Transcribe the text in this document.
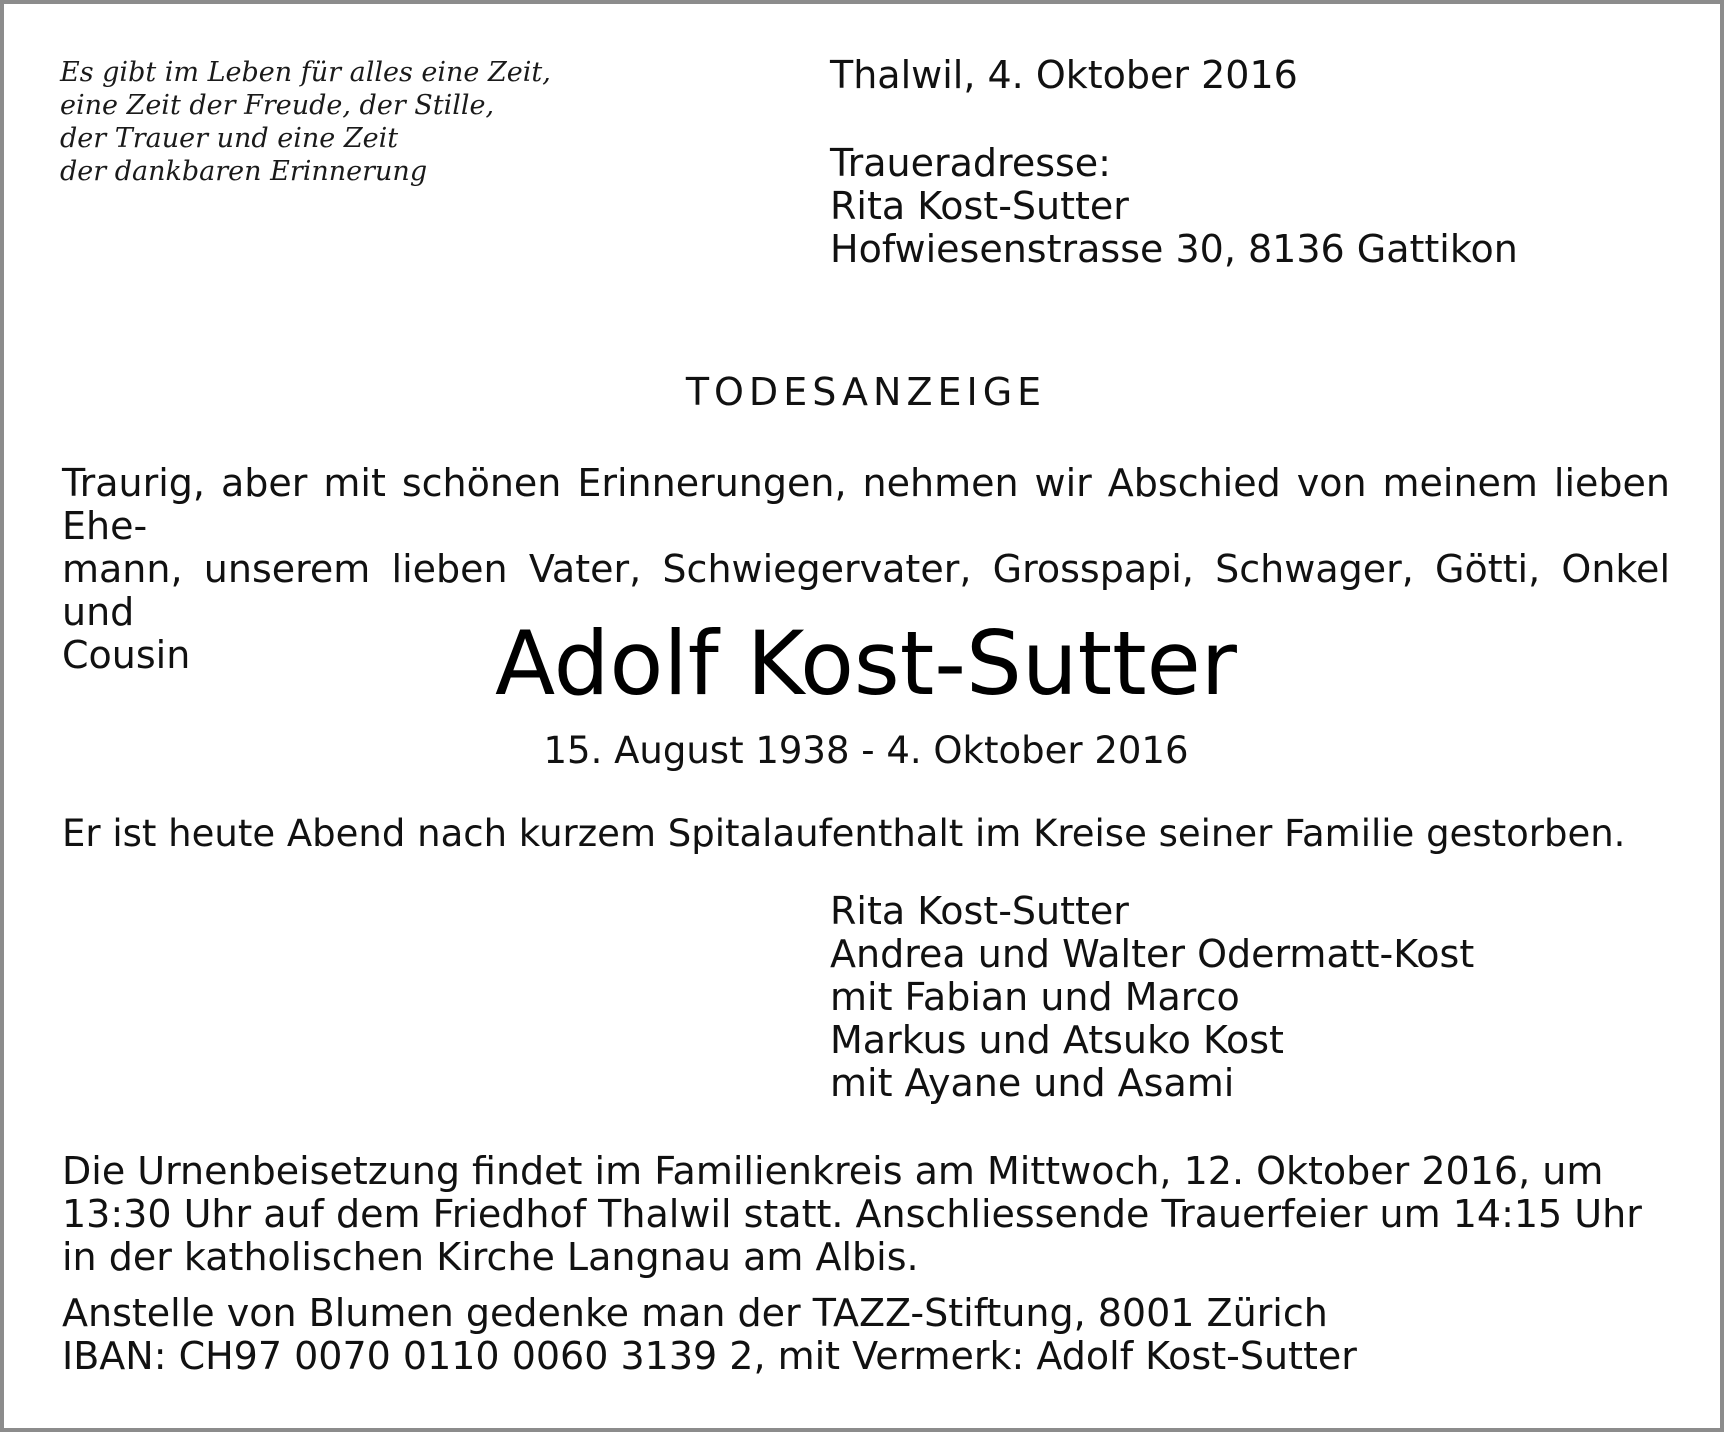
Es gibt im Leben für alles eine Zeit,
eine Zeit der Freude, der Stille,
der Trauer und eine Zeit
der dankbaren Erinnerung
Thalwil, 4. Oktober 2016
Traueradresse:
Rita Kost-Sutter
Hofwiesenstrasse 30, 8136 Gattikon
TODESANZEIGE
Traurig, aber mit schönen Erinnerungen, nehmen wir Abschied von meinem lieben Ehe-
mann, unserem lieben Vater, Schwiegervater, Grosspapi, Schwager, Götti, Onkel und
Cousin	Adolf Kost-Sutter
15. August 1938 - 4. Oktober 2016
Er ist heute Abend nach kurzem Spitalaufenthalt im Kreise seiner Familie gestorben.
Rita Kost-Sutter
Andrea und Walter Odermatt-Kost
mit Fabian und Marco
Markus und Atsuko Kost
mit Ayane und Asami
Die Urnenbeisetzung findet im Familienkreis am Mittwoch, 12. Oktober 2016, um
13:30 Uhr auf dem Friedhof Thalwil statt. Anschliessende Trauerfeier um 14:15 Uhr
in der katholischen Kirche Langnau am Albis.
Anstelle von Blumen gedenke man der TAZZ-Stiftung, 8001 Zürich
IBAN: CH97 0070 0110 0060 3139 2, mit Vermerk: Adolf Kost-Sutter
